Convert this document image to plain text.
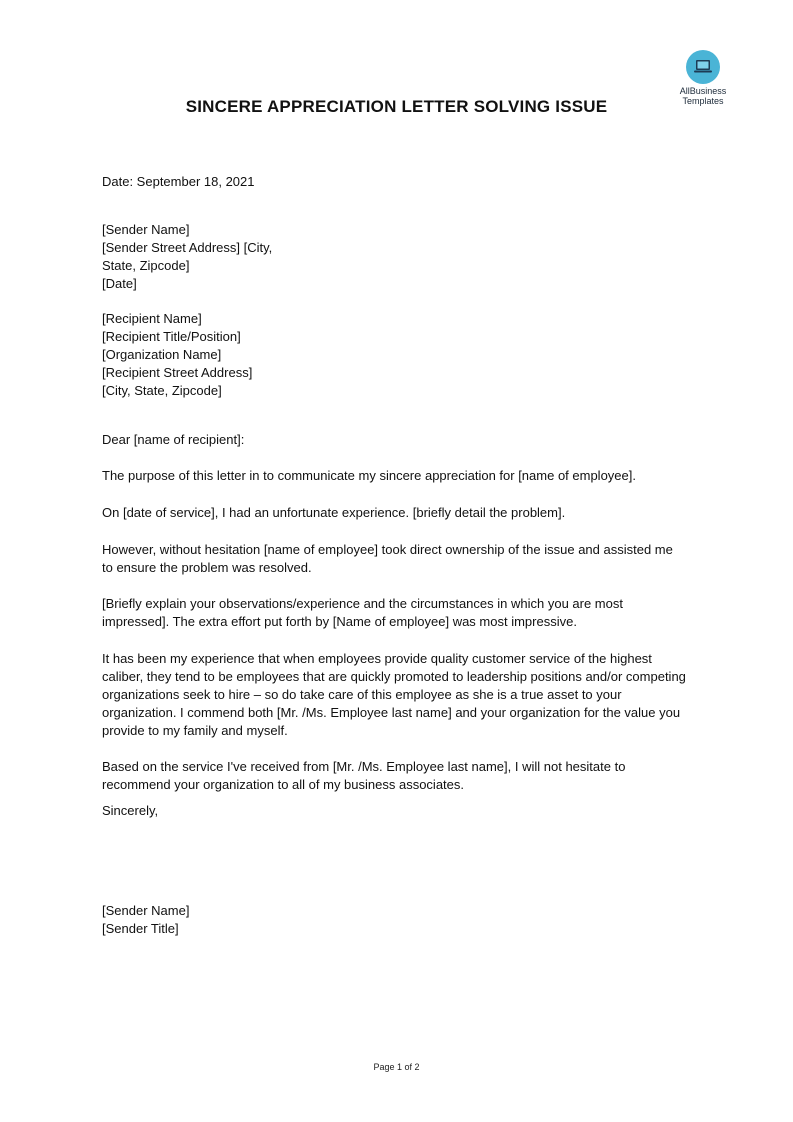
AllBusiness
Templates
SINCERE APPRECIATION LETTER SOLVING ISSUE

Date: September 18, 2021

[Sender Name]
[Sender Street Address] [City,
State, Zipcode]
[Date]

[Recipient Name]
[Recipient Title/Position]
[Organization Name]
[Recipient Street Address]
[City, State, Zipcode]

Dear [name of recipient]:

The purpose of this letter in to communicate my sincere appreciation for [name of employee].

On [date of service], I had an unfortunate experience. [briefly detail the problem].

However, without hesitation [name of employee] took direct ownership of the issue and assisted me to ensure the problem was resolved.

[Briefly explain your observations/experience and the circumstances in which you are most impressed]. The extra effort put forth by [Name of employee] was most impressive.

It has been my experience that when employees provide quality customer service of the highest caliber, they tend to be employees that are quickly promoted to leadership positions and/or competing organizations seek to hire – so do take care of this employee as she is a true asset to your organization. I commend both [Mr. /Ms. Employee last name] and your organization for the value you provide to my family and myself.

Based on the service I've received from [Mr. /Ms. Employee last name], I will not hesitate to recommend your organization to all of my business associates.

Sincerely,

[Sender Name]
[Sender Title]

Page 1 of 2
